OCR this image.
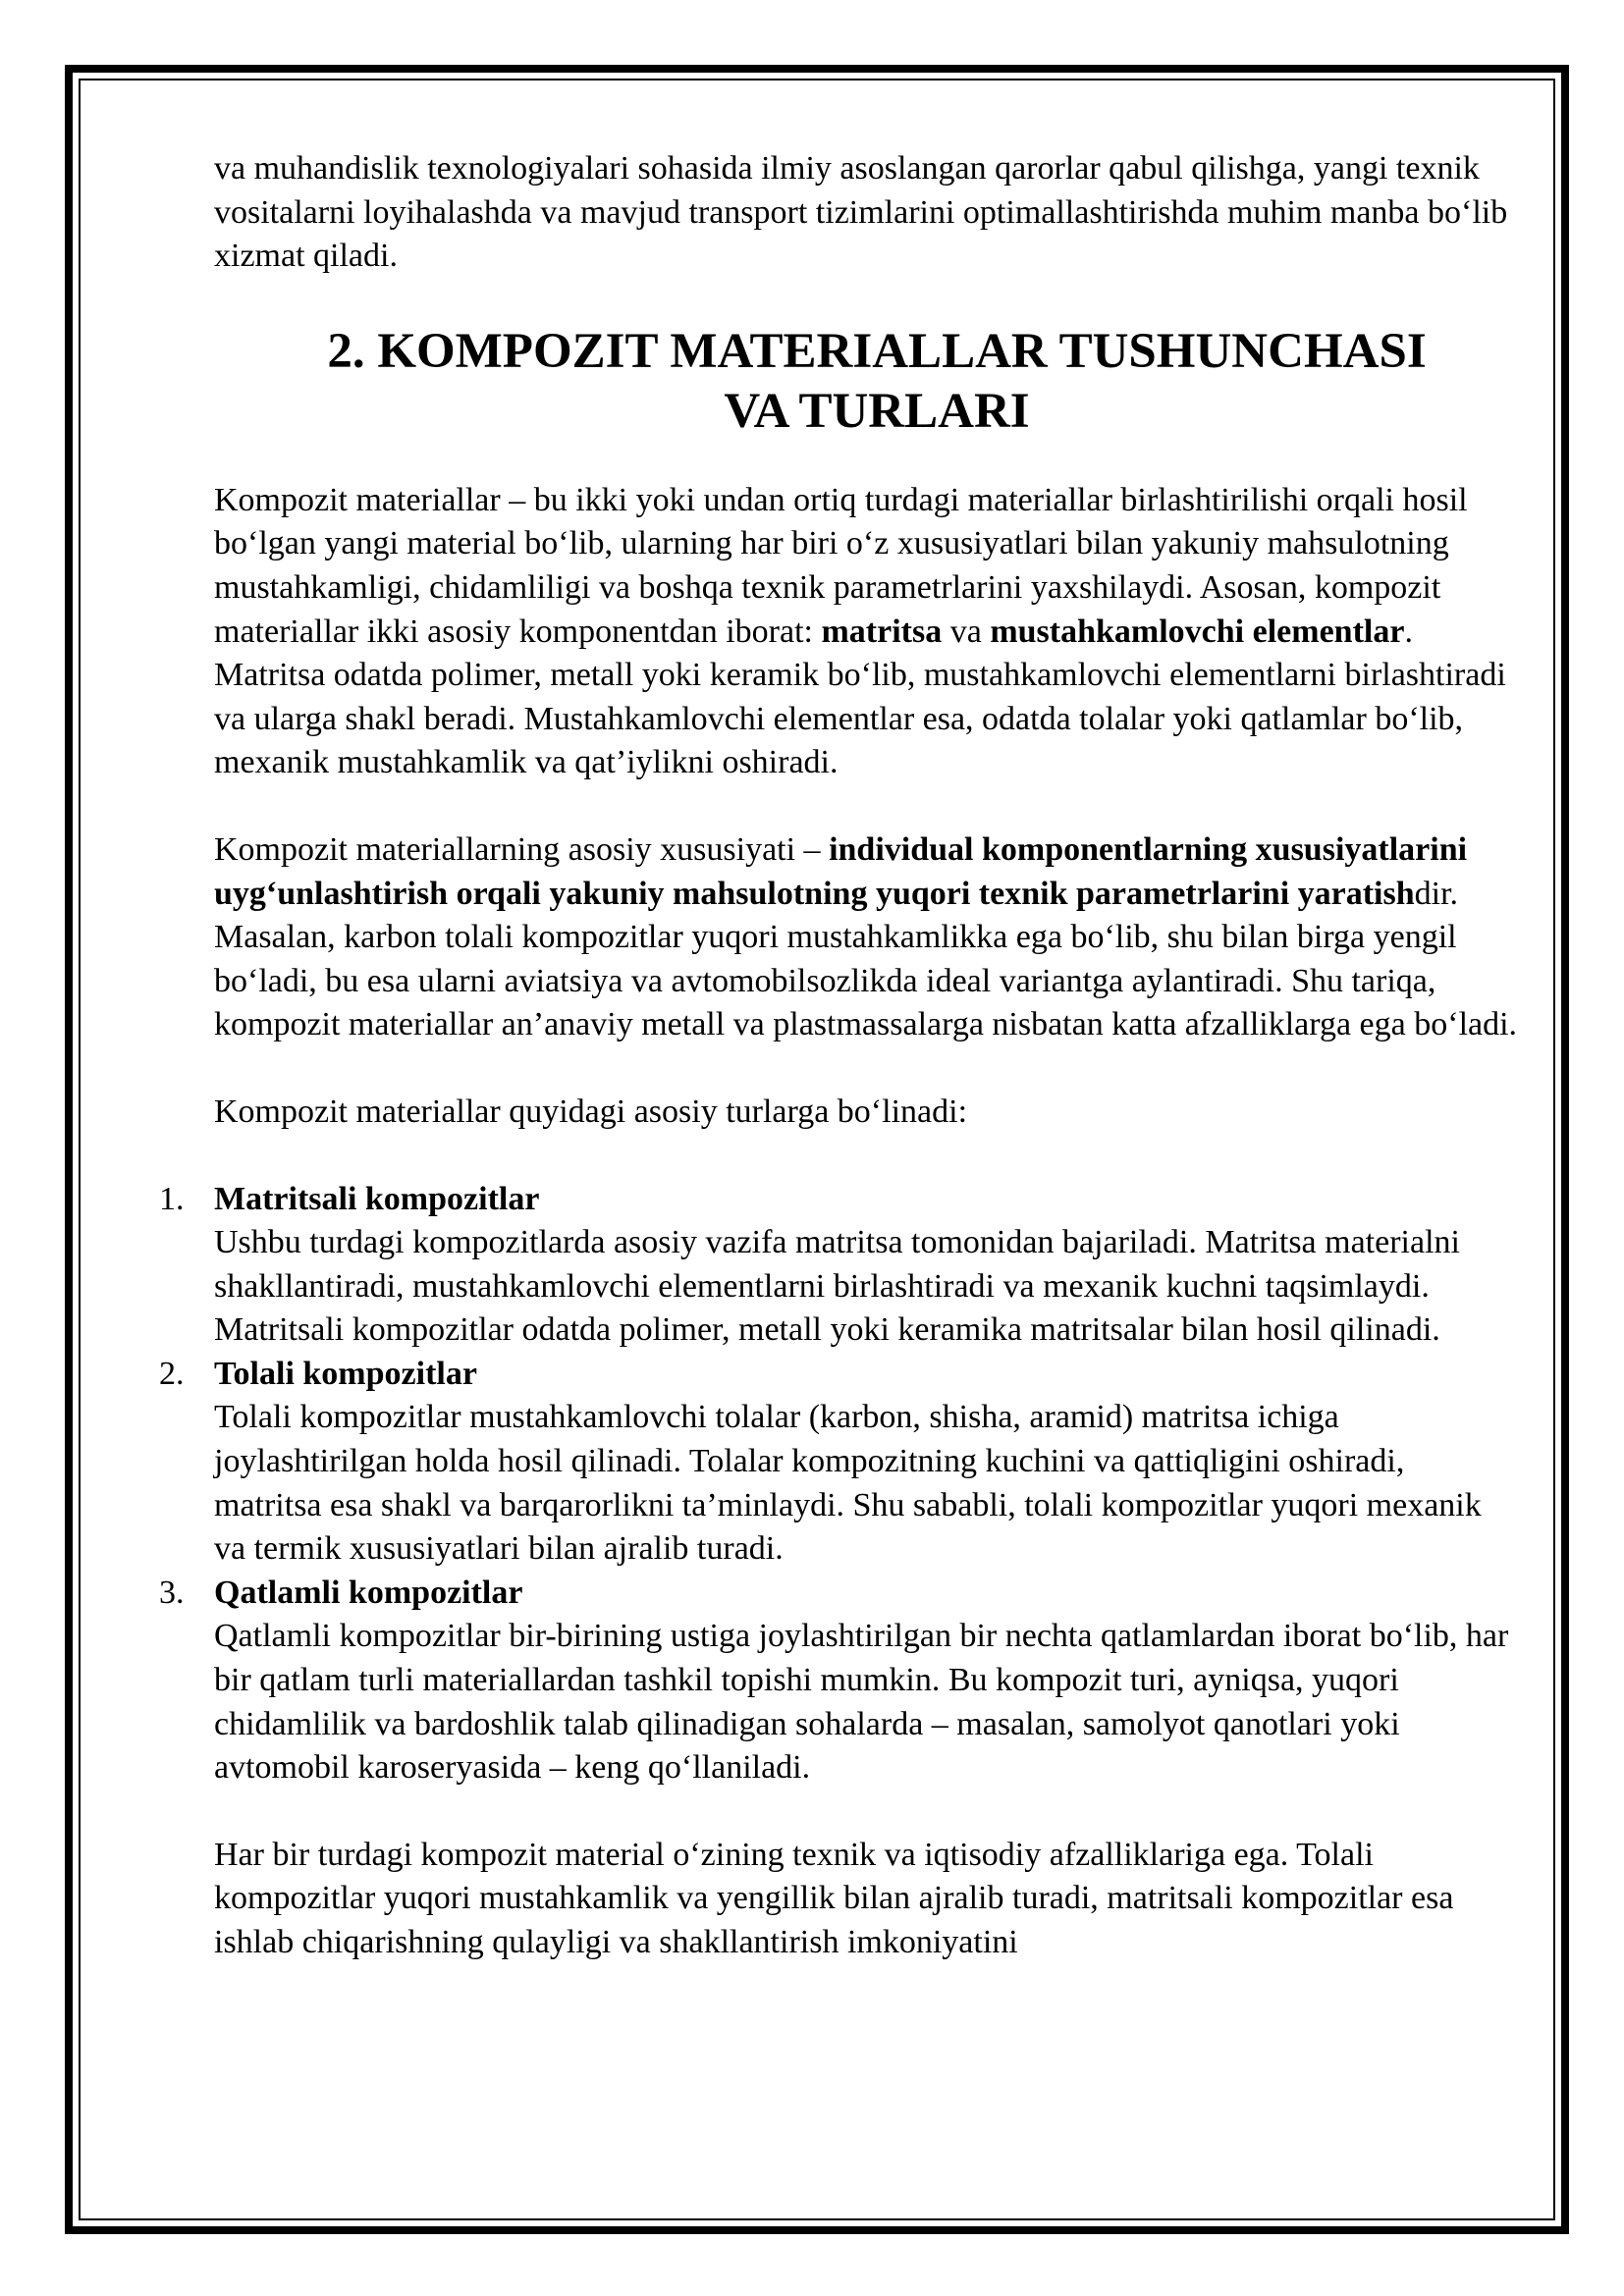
va muhandislik texnologiyalari sohasida ilmiy asoslangan qarorlar qabul qilishga, yangi texnik vositalarni loyihalashda va mavjud transport tizimlarini optimallashtirishda muhim manba bo‘lib xizmat qiladi.

2. KOMPOZIT MATERIALLAR TUSHUNCHASI
VA TURLARI

Kompozit materiallar – bu ikki yoki undan ortiq turdagi materiallar birlashtirilishi orqali hosil bo‘lgan yangi material bo‘lib, ularning har biri o‘z xususiyatlari bilan yakuniy mahsulotning mustahkamligi, chidamliligi va boshqa texnik parametrlarini yaxshilaydi. Asosan, kompozit materiallar ikki asosiy komponentdan iborat: matritsa va mustahkamlovchi elementlar. Matritsa odatda polimer, metall yoki keramik bo‘lib, mustahkamlovchi elementlarni birlashtiradi va ularga shakl beradi. Mustahkamlovchi elementlar esa, odatda tolalar yoki qatlamlar bo‘lib, mexanik mustahkamlik va qat’iylikni oshiradi.

Kompozit materiallarning asosiy xususiyati – individual komponentlarning xususiyatlarini uyg‘unlashtirish orqali yakuniy mahsulotning yuqori texnik parametrlarini yaratishdir. Masalan, karbon tolali kompozitlar yuqori mustahkamlikka ega bo‘lib, shu bilan birga yengil bo‘ladi, bu esa ularni aviatsiya va avtomobilsozlikda ideal variantga aylantiradi. Shu tariqa, kompozit materiallar an’anaviy metall va plastmassalarga nisbatan katta afzalliklarga ega bo‘ladi.

Kompozit materiallar quyidagi asosiy turlarga bo‘linadi:

1. Matritsali kompozitlar
Ushbu turdagi kompozitlarda asosiy vazifa matritsa tomonidan bajariladi. Matritsa materialni shakllantiradi, mustahkamlovchi elementlarni birlashtiradi va mexanik kuchni taqsimlaydi. Matritsali kompozitlar odatda polimer, metall yoki keramika matritsalar bilan hosil qilinadi.
2. Tolali kompozitlar
Tolali kompozitlar mustahkamlovchi tolalar (karbon, shisha, aramid) matritsa ichiga joylashtirilgan holda hosil qilinadi. Tolalar kompozitning kuchini va qattiqligini oshiradi, matritsa esa shakl va barqarorlikni ta’minlaydi. Shu sababli, tolali kompozitlar yuqori mexanik va termik xususiyatlari bilan ajralib turadi.
3. Qatlamli kompozitlar
Qatlamli kompozitlar bir-birining ustiga joylashtirilgan bir nechta qatlamlardan iborat bo‘lib, har bir qatlam turli materiallardan tashkil topishi mumkin. Bu kompozit turi, ayniqsa, yuqori chidamlilik va bardoshlik talab qilinadigan sohalarda – masalan, samolyot qanotlari yoki avtomobil karoseryasida – keng qo‘llaniladi.

Har bir turdagi kompozit material o‘zining texnik va iqtisodiy afzalliklariga ega. Tolali kompozitlar yuqori mustahkamlik va yengillik bilan ajralib turadi, matritsali kompozitlar esa ishlab chiqarishning qulayligi va shakllantirish imkoniyatini
